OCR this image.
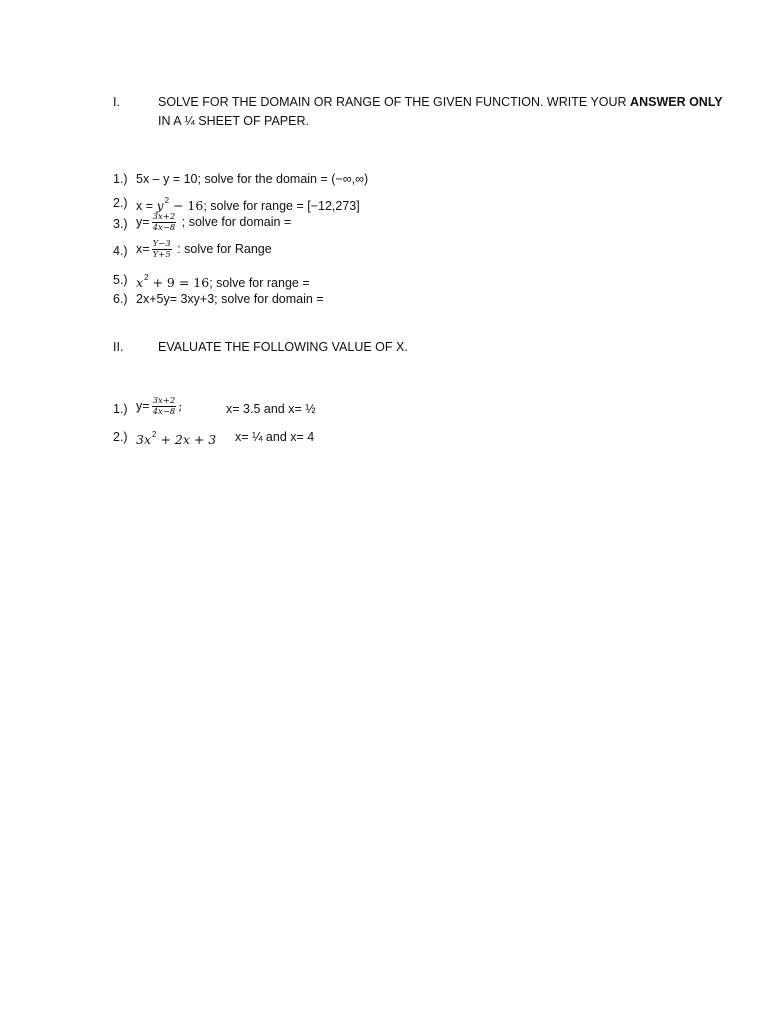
I.	SOLVE FOR THE DOMAIN OR RANGE OF THE GIVEN FUNCTION. WRITE YOUR ANSWER ONLY
IN A ¼ SHEET OF PAPER.
1.) 5x – y = 10; solve for the domain = (−∞,∞)
2.) $x = y^2 - 16$; solve for range = [−12,273]
3.) $y= \frac{3x+2}{4x-8}$ ; solve for domain =
4.) $x= \frac{Y-3}{Y+5}$ : solve for Range
5.) $x^2 + 9 = 16$; solve for range =
6.) 2x+5y= 3xy+3; solve for domain =
II.	EVALUATE THE FOLLOWING VALUE OF X.
1.) $y= \frac{3x+2}{4x-8}$ ;	x= 3.5 and x= ½
2.) $3x^2 + 2x + 3$ x= ¼ and x= 4
